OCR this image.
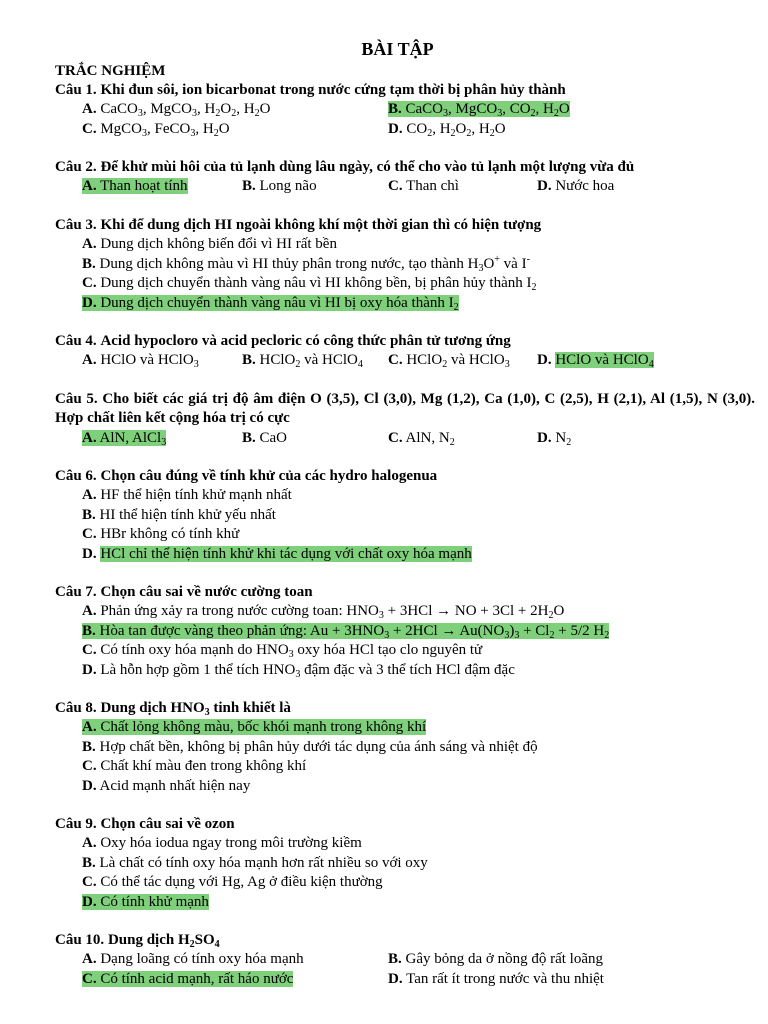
BÀI TẬP
TRẮC NGHIỆM
Câu 1. Khi đun sôi, ion bicarbonat trong nước cứng tạm thời bị phân hủy thành
A. CaCO$_3$, MgCO$_3$, $H_2O_2$, $H_2O$	B. CaCO$_3$, MgCO$_3$, $CO_2$, $H_2O$
C. MgCO$_3$, FeCO$_3$, $H_2O$	D. $CO_2$, $H_2O_2$, $H_2O$
Câu 2. Để khử mùi hôi của tủ lạnh dùng lâu ngày, có thể cho vào tủ lạnh một lượng vừa đủ
A. Than hoạt tính	B. Long não	C. Than chì	D. Nước hoa
Câu 3. Khi để dung dịch HI ngoài không khí một thời gian thì có hiện tượng
A. Dung dịch không biến đổi vì HI rất bền
B. Dung dịch không màu vì HI thủy phân trong nước, tạo thành $H_3O^+$ và I-
C. Dung dịch chuyển thành vàng nâu vì HI không bền, bị phân hủy thành $I_2$
D. Dung dịch chuyển thành vàng nâu vì HI bị oxy hóa thành $I_2$
Câu 4. Acid hypocloro và acid pecloric có công thức phân tử tương ứng
A. HClO và HClO$_3$	B. HClO$_2$ và HClO$_4$ C. HClO$_2$ và HClO$_3$ D. HClO và HClO$_4$
Câu 5. Cho biết các giá trị độ âm điện O (3,5), Cl (3,0), Mg (1,2), Ca (1,0), C (2,5), H (2,1), Al (1,5), N (3,0). Hợp chất liên kết cộng hóa trị có cực
A. AlN, AlCl$_3$	B. CaO	C. AlN, $N_2$	D. $N_2$
Câu 6. Chọn câu đúng về tính khử của các hydro halogenua
A. HF thể hiện tính khử mạnh nhất
B. HI thể hiện tính khử yếu nhất
C. HBr không có tính khử
D. HCl chỉ thể hiện tính khử khi tác dụng với chất oxy hóa mạnh
Câu 7. Chọn câu sai về nước cường toan
A. Phản ứng xảy ra trong nước cường toan: $HNO_3 + 3HCl$ → NO + $3Cl + 2H_2O$
B. Hòa tan được vàng theo phản ứng: $Au + 3HNO_3 + 2HCl \to Au(NO_3)_3 + Cl_2 + 5/2$ $H_2$
C. Có tính oxy hóa mạnh do $HNO_3$ oxy hóa HCl tạo clo nguyên tử
D. Là hỗn hợp gồm 1 thể tích $HNO_3$ đậm đặc và 3 thể tích HCl đậm đặc
Câu 8. Dung dịch $HNO_3$ tinh khiết là
A. Chất lỏng không màu, bốc khói mạnh trong không khí
B. Hợp chất bền, không bị phân hủy dưới tác dụng của ánh sáng và nhiệt độ
C. Chất khí màu đen trong không khí
D. Acid mạnh nhất hiện nay
Câu 9. Chọn câu sai về ozon
A. Oxy hóa iodua ngay trong môi trường kiềm
B. Là chất có tính oxy hóa mạnh hơn rất nhiều so với oxy
C. Có thể tác dụng với Hg, Ag ở điều kiện thường
D. Có tính khử mạnh
Câu 10. Dung dịch $H_2SO_4$
A. Dạng loãng có tính oxy hóa mạnh	B. Gây bỏng da ở nồng độ rất loãng
C. Có tính acid mạnh, rất háo nước	D. Tan rất ít trong nước và thu nhiệt
